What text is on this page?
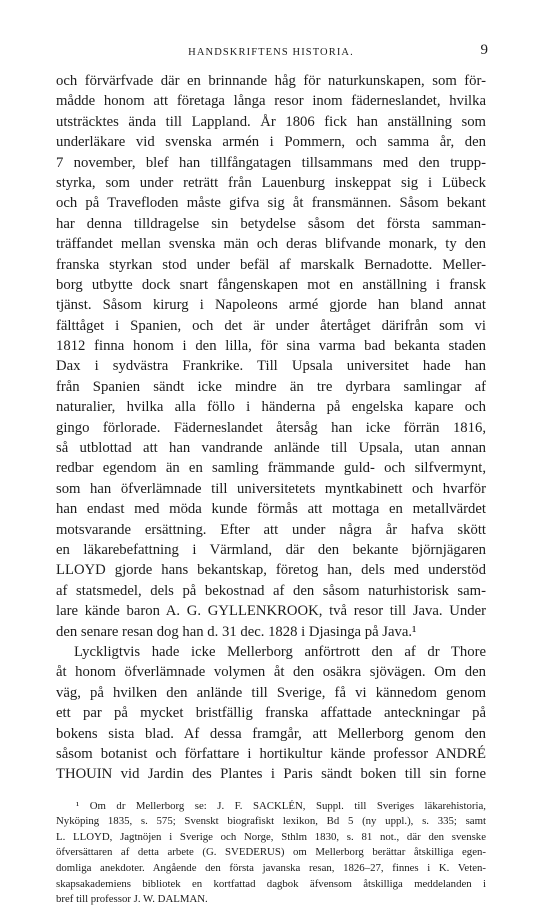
HANDSKRIFTENS HISTORIA.	9
och förvärfvade där en brinnande håg för naturkunskapen, som för-
mådde honom att företaga långa resor inom fäderneslandet, hvilka
utsträcktes ända till Lappland. År 1806 fick han anställning som
underläkare vid svenska armén i Pommern, och samma år, den
7 november, blef han tillfångatagen tillsammans med den trupp-
styrka, som under reträtt från Lauenburg inskeppat sig i Lübeck
och på Travefloden måste gifva sig åt fransmännen. Såsom bekant
har denna tilldragelse sin betydelse såsom det första samman-
träffandet mellan svenska män och deras blifvande monark, ty den
franska styrkan stod under befäl af marskalk Bernadotte. Meller-
borg utbytte dock snart fångenskapen mot en anställning i fransk
tjänst. Såsom kirurg i Napoleons armé gjorde han bland annat
fälttåget i Spanien, och det är under återtåget därifrån som vi
1812 finna honom i den lilla, för sina varma bad bekanta staden
Dax i sydvästra Frankrike. Till Upsala universitet hade han
från Spanien sändt icke mindre än tre dyrbara samlingar af
naturalier, hvilka alla föllo i händerna på engelska kapare och
gingo förlorade. Fäderneslandet återsåg han icke förrän 1816,
så utblottad att han vandrande anlände till Upsala, utan annan
redbar egendom än en samling främmande guld- och silfvermynt,
som han öfverlämnade till universitetets myntkabinett och hvarför
han endast med möda kunde förmås att mottaga en metallvärdet
motsvarande ersättning. Efter att under några år hafva skött
en läkarebefattning i Värmland, där den bekante björnjägaren
LLOYD gjorde hans bekantskap, företog han, dels med understöd
af statsmedel, dels på bekostnad af den såsom naturhistorisk sam-
lare kände baron A. G. GYLLENKROOK, två resor till Java. Under
den senare resan dog han d. 31 dec. 1828 i Djasinga på Java.¹
Lyckligtvis hade icke Mellerborg anförtrott den af dr Thore
åt honom öfverlämnade volymen åt den osäkra sjövägen. Om den
väg, på hvilken den anlände till Sverige, få vi kännedom genom
ett par på mycket bristfällig franska affattade anteckningar på
bokens sista blad. Af dessa framgår, att Mellerborg genom den
såsom botanist och författare i hortikultur kände professor ANDRÉ
THOUIN vid Jardin des Plantes i Paris sändt boken till sin forne
¹ Om dr Mellerborg se: J. F. SACKLÉN, Suppl. till Sveriges läkarehistoria,
Nyköping 1835, s. 575; Svenskt biografiskt lexikon, Bd 5 (ny uppl.), s. 335; samt
L. LLOYD, Jagtnöjen i Sverige och Norge, Sthlm 1830, s. 81 not., där den svenske
öfversättaren af detta arbete (G. SVEDERUS) om Mellerborg berättar åtskilliga egen-
domliga anekdoter. Angående den första javanska resan, 1826–27, finnes i K. Veten-
skapsakademiens bibliotek en kortfattad dagbok äfvensom åtskilliga meddelanden i
bref till professor J. W. DALMAN.
